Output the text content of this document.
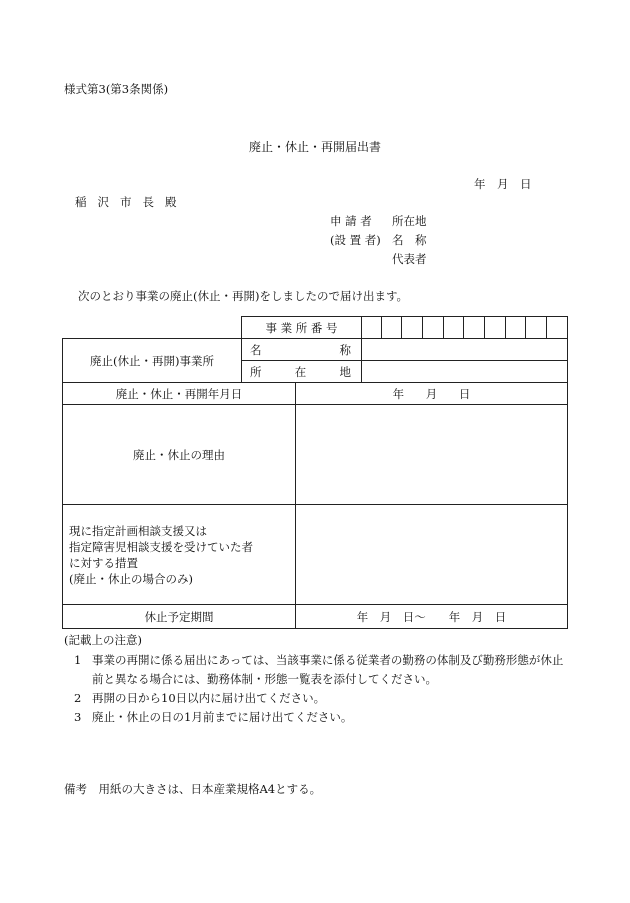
様式第3(第3条関係)
廃止・休止・再開届出書
年　月　日
稲沢市長殿
申 請 者	所在地
(設 置 者) 名　称
代表者
次のとおり事業の廃止(休止・再開)をしましたので届け出ます。
	事 業 所 番 号											
廃止(休止・再開)事業所	名 称											

	所 在 地											

廃止・休止・再開年月日		年 月 日										
廃止・休止の理由												

現に指定計画相談支援又は
指定障害児相談支援を受けていた者
に対する措置
(廃止・休止の場合のみ)												

休止予定期間		年　月　日～　　年　月　日										
(記載上の注意)
1 事業の再開に係る届出にあっては、当該事業に係る従業者の勤務の体制及び勤務形態が休止
前と異なる場合には、勤務体制・形態一覧表を添付してください。
2 再開の日から10日以内に届け出てください。
3 廃止・休止の日の1月前までに届け出てください。
備考　用紙の大きさは、日本産業規格A4とする。
